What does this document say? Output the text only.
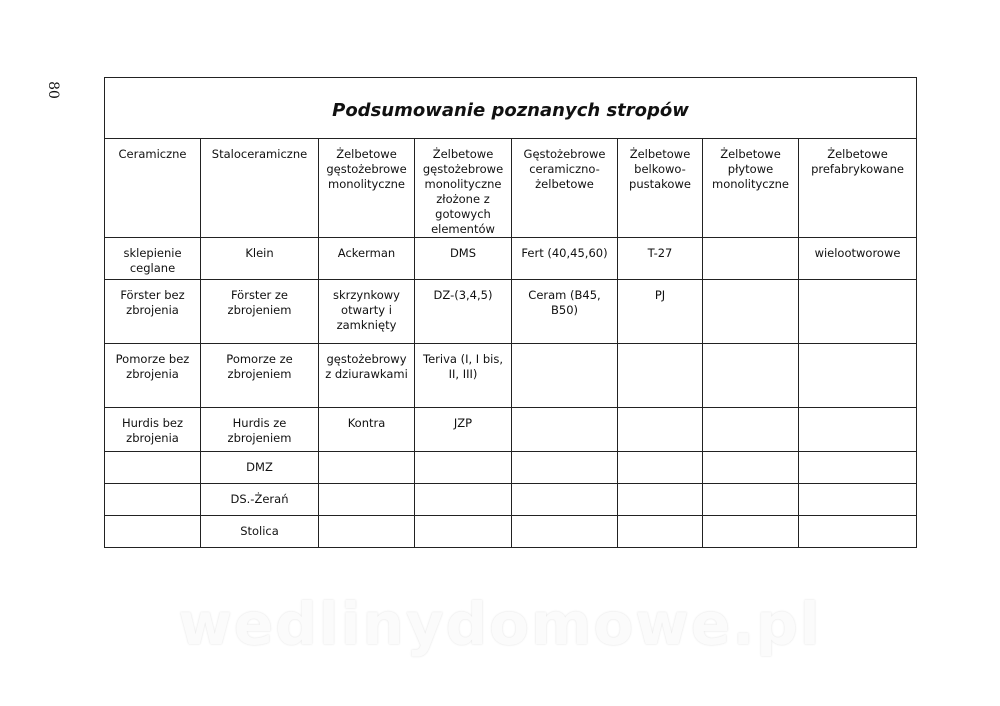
80
Podsumowanie poznanych stropów							
Ceramiczne	Staloceramiczne	Żelbetowe gęstożebrowe monolityczne	Żelbetowe gęstożebrowe monolityczne złożone z gotowych elementów	Gęstożebrowe ceramiczno-żelbetowe	Żelbetowe belkowo-pustakowe	Żelbetowe płytowe monolityczne	Żelbetowe prefabrykowane
sklepienie ceglane	Klein	Ackerman	DMS	Fert (40,45,60)	T-27		wielootworowe
Förster bez zbrojenia	Förster ze zbrojeniem	skrzynkowy otwarty i zamknięty	DZ-(3,4,5)	Ceram (B45, B50)	PJ		
Pomorze bez zbrojenia	Pomorze ze zbrojeniem	gęstożebrowy z dziurawkami	Teriva (I, I bis, II, III)				
Hurdis bez zbrojenia	Hurdis ze zbrojeniem	Kontra	JZP				
	DMZ						
	DS.-Żerań						
	Stolica						
wedlinydomowe.pl
